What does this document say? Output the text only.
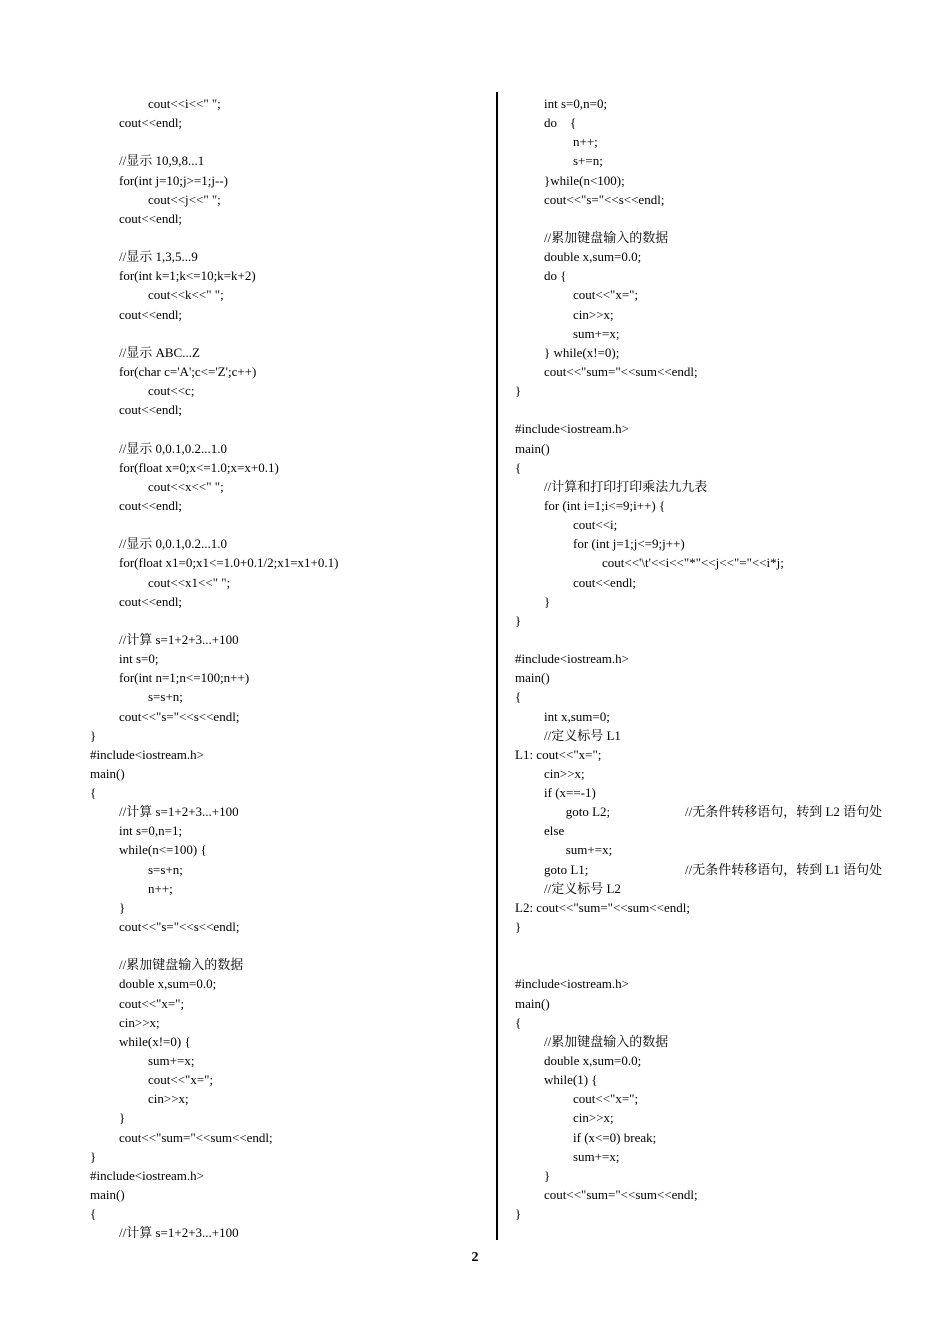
cout<<i<<" ";
cout<<endl;
//显示 10,9,8...1
for(int j=10;j>=1;j--)
cout<<j<<" ";
cout<<endl;
//显示 1,3,5...9
for(int k=1;k<=10;k=k+2)
cout<<k<<" ";
cout<<endl;
//显示 ABC...Z
for(char c='A';c<='Z';c++)
cout<<c;
cout<<endl;
//显示 0,0.1,0.2...1.0
for(float x=0;x<=1.0;x=x+0.1)
cout<<x<<" ";
cout<<endl;
//显示 0,0.1,0.2...1.0
for(float x1=0;x1<=1.0+0.1/2;x1=x1+0.1)
cout<<x1<<" ";
cout<<endl;
//计算 s=1+2+3...+100
int s=0;
for(int n=1;n<=100;n++)
s=s+n;
cout<<"s="<<s<<endl;
}
#include<iostream.h>
main()
{
//计算 s=1+2+3...+100
int s=0,n=1;
while(n<=100) {
s=s+n;
n++;
}
cout<<"s="<<s<<endl;
//累加键盘输入的数据
double x,sum=0.0;
cout<<"x=";
cin>>x;
while(x!=0) {
sum+=x;
cout<<"x=";
cin>>x;
}
cout<<"sum="<<sum<<endl;
}
#include<iostream.h>
main()
{
//计算 s=1+2+3...+100
int s=0,n=0;
do    {
n++;
s+=n;
}while(n<100);
cout<<"s="<<s<<endl;
//累加键盘输入的数据
double x,sum=0.0;
do {
cout<<"x=";
cin>>x;
sum+=x;
} while(x!=0);
cout<<"sum="<<sum<<endl;
}
#include<iostream.h>
main()
{
//计算和打印打印乘法九九表
for (int i=1;i<=9;i++) {
cout<<i;
for (int j=1;j<=9;j++)
cout<<'\t'<<i<<"*"<<j<<"="<<i*j;
cout<<endl;
}
}
#include<iostream.h>
main()
{
int x,sum=0;
//定义标号 L1
L1: cout<<"x=";
cin>>x;
if (x==-1)
goto L2;	//无条件转移语句，转到 L2 语句处
else
sum+=x;
goto L1;	//无条件转移语句，转到 L1 语句处
//定义标号 L2
L2: cout<<"sum="<<sum<<endl;
}
#include<iostream.h>
main()
{
//累加键盘输入的数据
double x,sum=0.0;
while(1) {
cout<<"x=";
cin>>x;
if (x<=0) break;
sum+=x;
}
cout<<"sum="<<sum<<endl;
}
2
